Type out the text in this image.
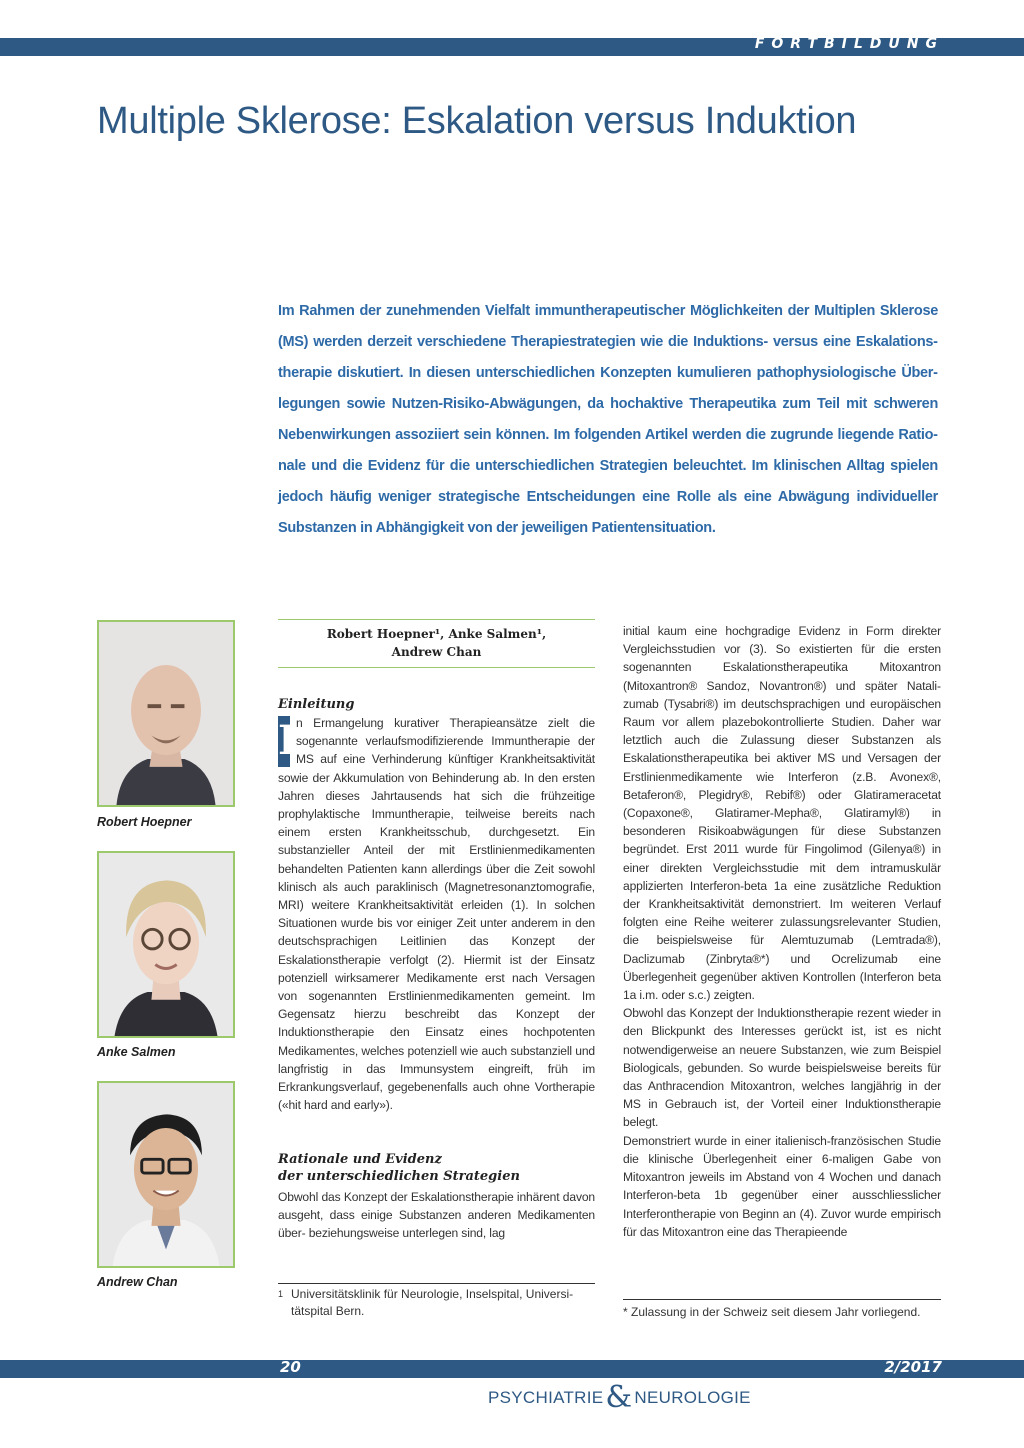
FORTBILDUNG
Multiple Sklerose: Eskalation versus Induktion

Im Rahmen der zunehmenden Vielfalt immuntherapeutischer Möglichkeiten der Multiplen Sklerose (MS) werden derzeit verschiedene Therapiestrategien wie die Induktions- versus eine Eskalationstherapie diskutiert. In diesen unterschiedlichen Konzepten kumulieren pathophysiologische Überlegungen sowie Nutzen-Risiko-Abwägungen, da hochaktive Therapeutika zum Teil mit schweren Nebenwirkungen assoziiert sein können. Im folgenden Artikel werden die zugrunde liegende Rationale und die Evidenz für die unterschiedlichen Strategien beleuchtet. Im klinischen Alltag spielen jedoch häufig weniger strategische Entscheidungen eine Rolle als eine Abwägung individueller Substanzen in Abhängigkeit von der jeweiligen Patientensituation.

Robert Hoepner
Anke Salmen
Andrew Chan
Robert Hoepner¹, Anke Salmen¹,
Andrew Chan
Einleitung
I n Ermangelung kurativer Therapieansätze zielt die sogenannte verlaufsmodifizierende Immuntherapie der MS auf eine Verhinderung künftiger Krankheitsaktivität sowie der Akkumulation von Behinderung ab. In den ersten Jahren dieses Jahrtausends hat sich die frühzeitige prophylaktische Immuntherapie, teilweise bereits nach einem ersten Krankheitsschub, durchgesetzt. Ein substanzieller Anteil der mit Erstlinienmedikamenten behandelten Patienten kann allerdings über die Zeit sowohl klinisch als auch paraklinisch (Magnetresonanztomografie, MRI) weitere Krankheitsaktivität erleiden (1). In solchen Situationen wurde bis vor einiger Zeit unter anderem in den deutschsprachigen Leitlinien das Konzept der Eskalationstherapie verfolgt (2). Hiermit ist der Einsatz potenziell wirksamerer Medikamente erst nach Versagen von sogenannten Erstlinienmedikamenten gemeint. Im Gegensatz hierzu beschreibt das Konzept der Induktionstherapie den Einsatz eines hochpotenten Medikamentes, welches potenziell wie auch substanziell und langfristig in das Immunsystem eingreift, früh im Erkrankungsverlauf, gegebenenfalls auch ohne Vortherapie («hit hard and early»).
Rationale und Evidenz
der unterschiedlichen Strategien

Obwohl das Konzept der Eskalationstherapie inhärent davon ausgeht, dass einige Substanzen anderen Medikamenten über- beziehungsweise unterlegen sind, lag

$^1$ Universitätsklinik für Neurologie, Inselspital, Universitätspital Bern.

initial kaum eine hochgradige Evidenz in Form direkter Vergleichsstudien vor (3). So existierten für die ersten sogenannten Eskalationstherapeutika Mitoxantron (Mitoxantron® Sandoz, Novantron®) und später Natalizumab (Tysabri®) im deutschsprachigen und europäischen Raum vor allem plazebokontrollierte Studien. Daher war letztlich auch die Zulassung dieser Substanzen als Eskalationstherapeutika bei aktiver MS und Versagen der Erstlinienmedikamente wie Interferon (z.B. Avonex®, Betaferon®, Plegidry®, Rebif®) oder Glatirameracetat (Copaxone®, Glatiramer-Mepha®, Glatiramyl®) in besonderen Risikoabwägungen für diese Substanzen begründet. Erst 2011 wurde für Fingolimod (Gilenya®) in einer direkten Vergleichsstudie mit dem intramuskulär applizierten Interferon-beta 1a eine zusätzliche Reduktion der Krankheitsaktivität demonstriert. Im weiteren Verlauf folgten eine Reihe weiterer zulassungsrelevanter Studien, die beispielsweise für Alemtuzumab (Lemtrada®), Daclizumab (Zinbryta®*) und Ocrelizumab eine Überlegenheit gegenüber aktiven Kontrollen (Interferon beta 1a i.m. oder s.c.) zeigten.

Obwohl das Konzept der Induktionstherapie rezent wieder in den Blickpunkt des Interesses gerückt ist, ist es nicht notwendigerweise an neuere Substanzen, wie zum Beispiel Biologicals, gebunden. So wurde beispielsweise bereits für das Anthracendion Mitoxantron, welches langjährig in der MS in Gebrauch ist, der Vorteil einer Induktionstherapie belegt.

Demonstriert wurde in einer italienisch-französischen Studie die klinische Überlegenheit einer 6-maligen Gabe von Mitoxantron jeweils im Abstand von 4 Wochen und danach Interferon-beta 1b gegenüber einer ausschliesslicher Interferontherapie von Beginn an (4). Zuvor wurde empirisch für das Mitoxantron eine das Therapieende

* Zulassung in der Schweiz seit diesem Jahr vorliegend.
20	2/2017
PSYCHIATRIE& NEUROLOGIE
